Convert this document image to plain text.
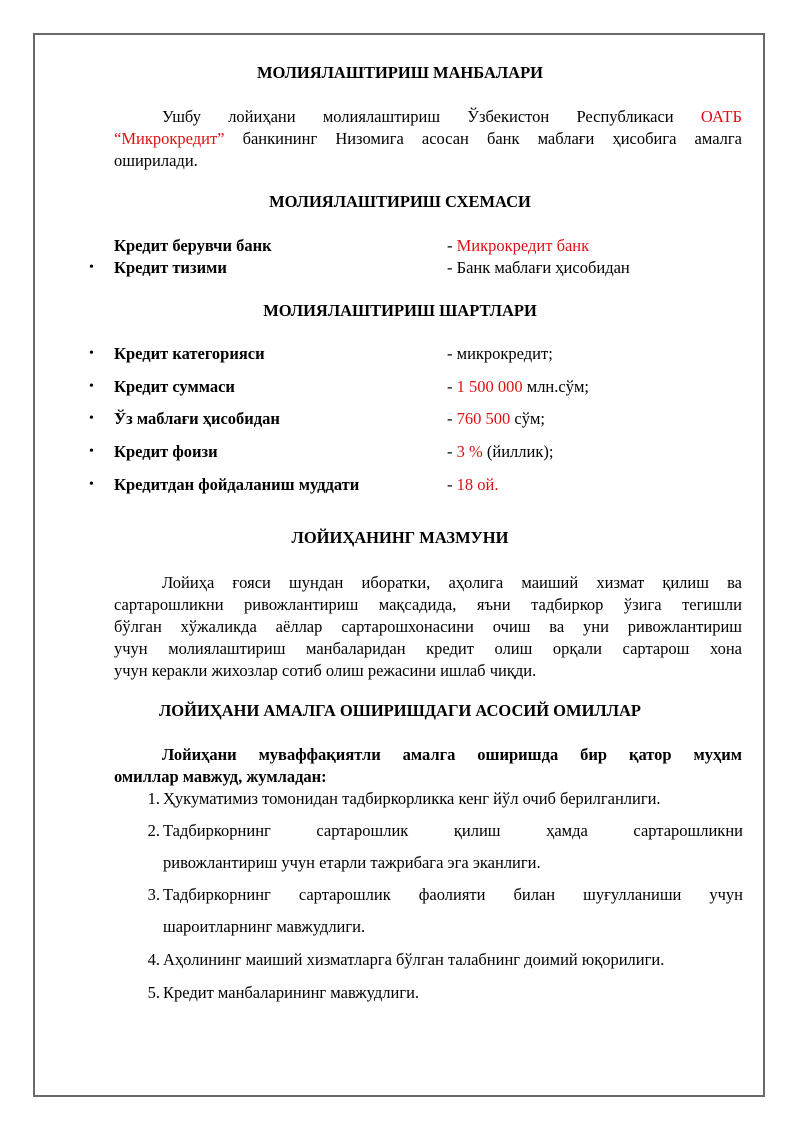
МОЛИЯЛАШТИРИШ МАНБАЛАРИ
Ушбу лойиҳани молиялаштириш Ўзбекистон Республикаси ОАТБ
“Микрокредит” банкининг Низомига асосан банк маблағи ҳисобига амалга
оширилади.
МОЛИЯЛАШТИРИШ СХЕМАСИ
Кредит берувчи банк	- Микрокредит банк
• Кредит тизими	- Банк маблағи ҳисобидан
МОЛИЯЛАШТИРИШ ШАРТЛАРИ
• Кредит категорияси	- микрокредит;
• Кредит суммаси	- 1 500 000 млн.сўм;
• Ўз маблағи ҳисобидан	- 760 500 сўм;
• Кредит фоизи	- 3 % (йиллик);
• Кредитдан фойдаланиш муддати	- 18 ой.
ЛОЙИҲАНИНГ МАЗМУНИ
Лойиҳа ғояси шундан иборатки, аҳолига маиший хизмат қилиш ва
сартарошликни ривожлантириш мақсадида, яъни тадбиркор ўзига тегишли
бўлган хўжаликда аёллар сартарошхонасини очиш ва уни ривожлантириш
учун молиялаштириш манбаларидан кредит олиш орқали сартарош хона
учун керакли жихозлар сотиб олиш режасини ишлаб чиқди.
ЛОЙИҲАНИ АМАЛГА ОШИРИШДАГИ АСОСИЙ ОМИЛЛАР
Лойиҳани муваффақиятли амалга оширишда бир қатор муҳим
омиллар мавжуд, жумладан:
1. Ҳукуматимиз томонидан тадбиркорликка кенг йўл очиб берилганлиги.
2. Тадбиркорнинг сартарошлик қилиш ҳамда сартарошликни
ривожлантириш учун етарли тажрибага эга эканлиги.
3. Тадбиркорнинг сартарошлик фаолияти билан шуғулланиши учун
шароитларнинг мавжудлиги.
4. Аҳолининг маиший хизматларга бўлган талабнинг доимий юқорилиги.
5. Кредит манбаларининг мавжудлиги.
